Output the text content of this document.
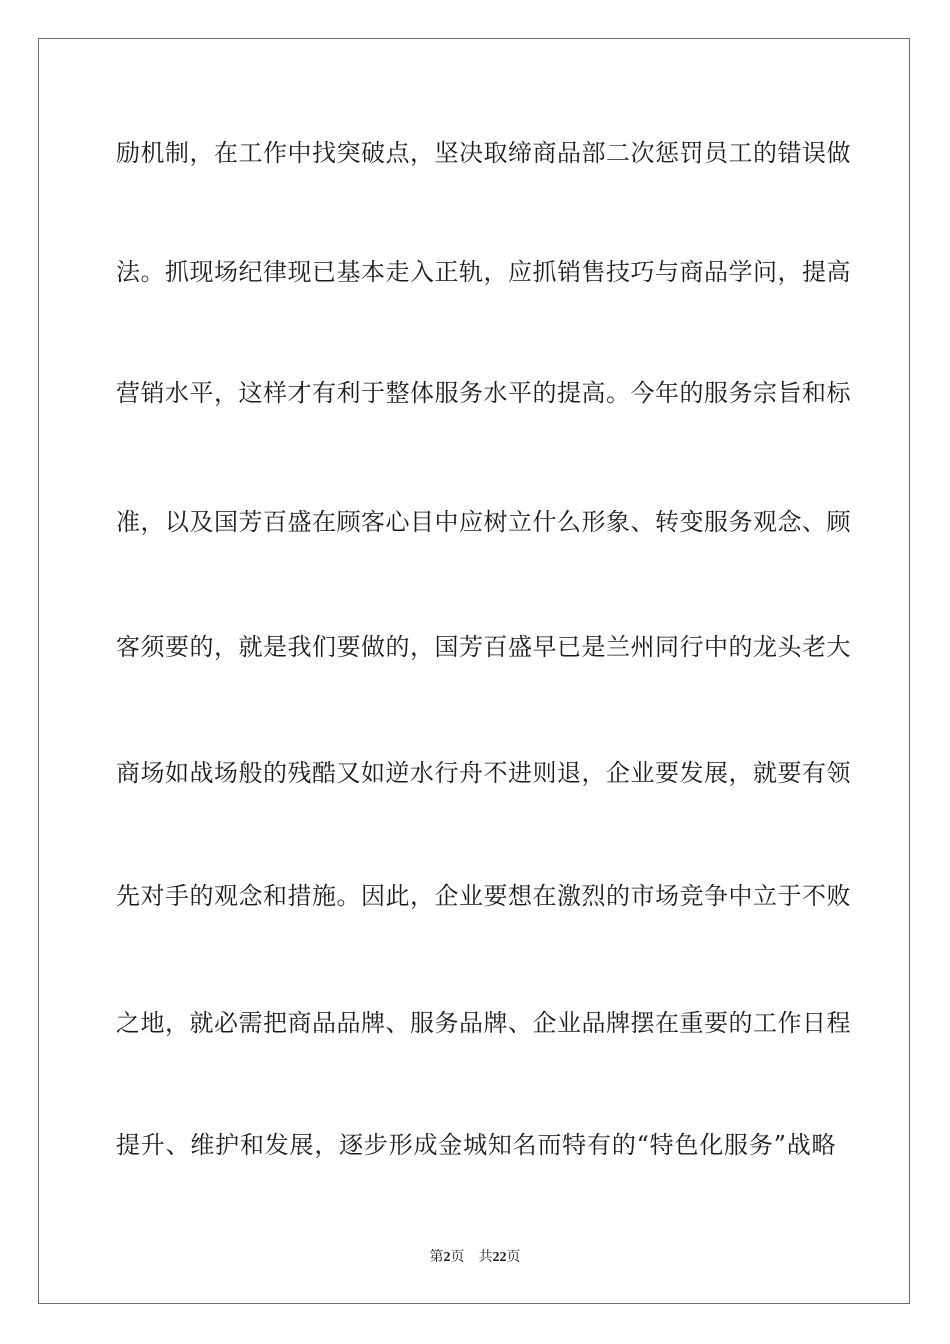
励机制，在工作中找突破点，坚决取缔商品部二次惩罚员工的错误做
法。抓现场纪律现已基本走入正轨，应抓销售技巧与商品学问，提高
营销水平，这样才有利于整体服务水平的提高。今年的服务宗旨和标
准，以及国芳百盛在顾客心目中应树立什么形象、转变服务观念、顾
客须要的，就是我们要做的，国芳百盛早已是兰州同行中的龙头老大
商场如战场般的残酷又如逆水行舟不进则退，企业要发展，就要有领
先对手的观念和措施。因此，企业要想在激烈的市场竞争中立于不败
之地，就必需把商品品牌、服务品牌、企业品牌摆在重要的工作日程
提升、维护和发展，逐步形成金城知名而特有的“特色化服务”战略
第2页 共22页
